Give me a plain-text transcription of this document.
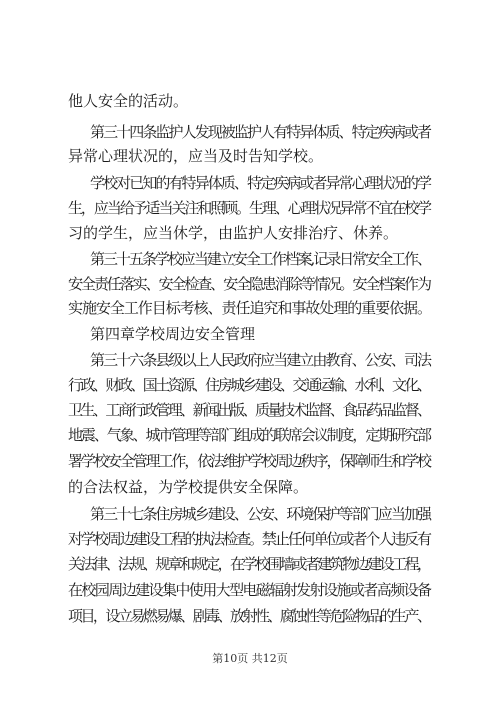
他人安全的活动。
第三十四条监护人发现被监护人有特异体质、特定疾病或者
异常心理状况的，应当及时告知学校。
学校对已知的有特异体质、特定疾病或者异常心理状况的学
生，应当给予适当关注和照顾。生理、心理状况异常不宜在校学
习的学生，应当休学，由监护人安排治疗、休养。
第三十五条学校应当建立安全工作档案,记录日常安全工作、
安全责任落实、安全检查、安全隐患消除等情况。安全档案作为
实施安全工作目标考核、责任追究和事故处理的重要依据。
第四章学校周边安全管理
第三十六条县级以上人民政府应当建立由教育、公安、司法
行政、财政、国土资源、住房城乡建设、交通运输、水利、文化、
卫生、工商行政管理、新闻出版、质量技术监督、食品药品监督、
地震、气象、城市管理等部门组成的联席会议制度，定期研究部
署学校安全管理工作，依法维护学校周边秩序，保障师生和学校
的合法权益，为学校提供安全保障。
第三十七条住房城乡建设、公安、环境保护等部门应当加强
对学校周边建设工程的执法检查。禁止任何单位或者个人违反有
关法律、法规、规章和规定，在学校围墙或者建筑物边建设工程，
在校园周边建设集中使用大型电磁辐射发射设施或者高频设备
项目，设立易燃易爆、剧毒、放射性、腐蚀性等危险物品的生产、
第10页 共12页
